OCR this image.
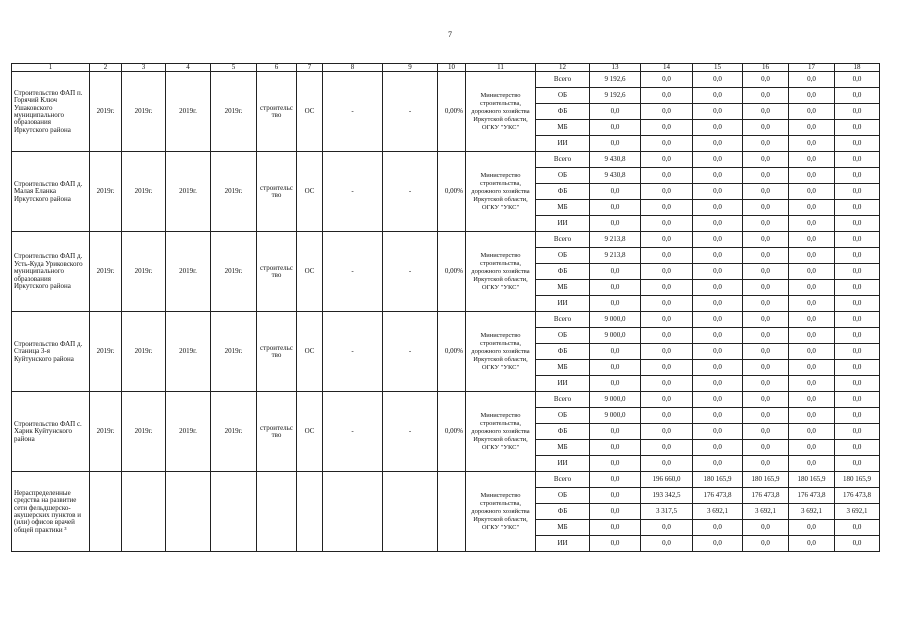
7
1	2	3	4	5	6	7	8	9	10	11	12	13	14	15	16	17	18
Строительство ФАП п. Горячий Ключ Ушаковского муниципального образования Иркутского района	2019г.	2019г.	2019г.	2019г.	строительс тво	ОС	-	-	0,00%	Министерство строительства, дорожного хозяйства Иркутской области, ОГКУ "УКС"	Всего	9 192,6	0,0	0,0	0,0	0,0	0,0
											ОБ	9 192,6	0,0	0,0	0,0	0,0	0,0
											ФБ	0,0	0,0	0,0	0,0	0,0	0,0
											МБ	0,0	0,0	0,0	0,0	0,0	0,0
											ИИ	0,0	0,0	0,0	0,0	0,0	0,0
Строительство ФАП д. Малая Еланка Иркутского района	2019г.	2019г.	2019г.	2019г.	строительс тво	ОС	-	-	0,00%	Министерство строительства, дорожного хозяйства Иркутской области, ОГКУ "УКС"	Всего	9 430,8	0,0	0,0	0,0	0,0	0,0
											ОБ	9 430,8	0,0	0,0	0,0	0,0	0,0
											ФБ	0,0	0,0	0,0	0,0	0,0	0,0
											МБ	0,0	0,0	0,0	0,0	0,0	0,0
											ИИ	0,0	0,0	0,0	0,0	0,0	0,0
Строительство ФАП д. Усть-Куда Уриковского муниципального образования Иркутского района	2019г.	2019г.	2019г.	2019г.	строительс тво	ОС	-	-	0,00%	Министерство строительства, дорожного хозяйства Иркутской области, ОГКУ "УКС"	Всего	9 213,8	0,0	0,0	0,0	0,0	0,0
											ОБ	9 213,8	0,0	0,0	0,0	0,0	0,0
											ФБ	0,0	0,0	0,0	0,0	0,0	0,0
											МБ	0,0	0,0	0,0	0,0	0,0	0,0
											ИИ	0,0	0,0	0,0	0,0	0,0	0,0
Строительство ФАП д. Станица 3-я Куйтунского района	2019г.	2019г.	2019г.	2019г.	строительс тво	ОС	-	-	0,00%	Министерство строительства, дорожного хозяйства Иркутской области, ОГКУ "УКС"	Всего	9 000,0	0,0	0,0	0,0	0,0	0,0
											ОБ	9 000,0	0,0	0,0	0,0	0,0	0,0
											ФБ	0,0	0,0	0,0	0,0	0,0	0,0
											МБ	0,0	0,0	0,0	0,0	0,0	0,0
											ИИ	0,0	0,0	0,0	0,0	0,0	0,0
Строительство ФАП с. Харик Куйтунского района	2019г.	2019г.	2019г.	2019г.	строительс тво	ОС	-	-	0,00%	Министерство строительства, дорожного хозяйства Иркутской области, ОГКУ "УКС"	Всего	9 000,0	0,0	0,0	0,0	0,0	0,0
											ОБ	9 000,0	0,0	0,0	0,0	0,0	0,0
											ФБ	0,0	0,0	0,0	0,0	0,0	0,0
											МБ	0,0	0,0	0,0	0,0	0,0	0,0
											ИИ	0,0	0,0	0,0	0,0	0,0	0,0
Нераспределенные средства на развитие сети фельдшерско-акушерских пунктов и (или) офисов врачей общей практики ³										Министерство строительства, дорожного хозяйства Иркутской области, ОГКУ "УКС"	Всего	0,0	196 660,0	180 165,9	180 165,9	180 165,9	180 165,9
											ОБ	0,0	193 342,5	176 473,8	176 473,8	176 473,8	176 473,8
											ФБ	0,0	3 317,5	3 692,1	3 692,1	3 692,1	3 692,1
											МБ	0,0	0,0	0,0	0,0	0,0	0,0
											ИИ	0,0	0,0	0,0	0,0	0,0	0,0
